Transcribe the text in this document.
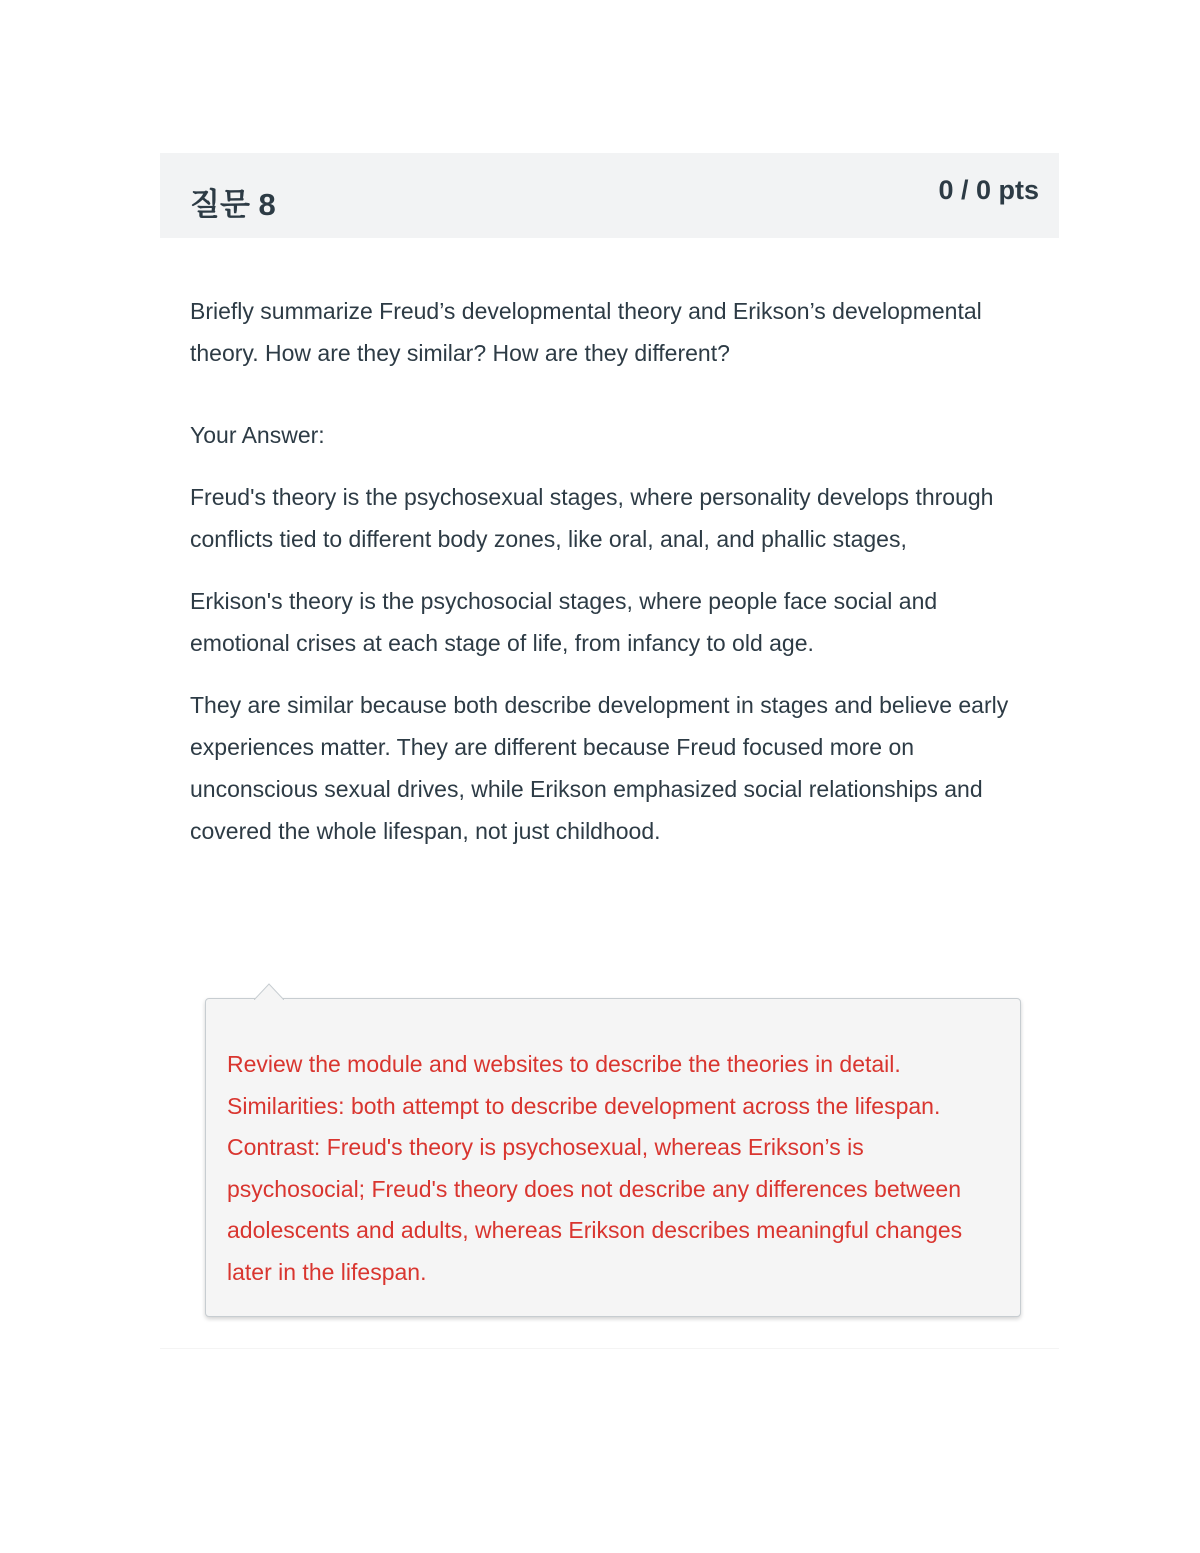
질문 8	0 / 0 pts

Briefly summarize Freud’s developmental theory and Erikson’s developmental theory. How are they similar? How are they different?

Your Answer:

Freud's theory is the psychosexual stages, where personality develops through conflicts tied to different body zones, like oral, anal, and phallic stages,

Erkison's theory is the psychosocial stages, where people face social and emotional crises at each stage of life, from infancy to old age.

They are similar because both describe development in stages and believe early experiences matter. They are different because Freud focused more on unconscious sexual drives, while Erikson emphasized social relationships and covered the whole lifespan, not just childhood.

Review the module and websites to describe the theories in detail. Similarities: both attempt to describe development across the lifespan. Contrast: Freud's theory is psychosexual, whereas Erikson’s is psychosocial; Freud's theory does not describe any differences between adolescents and adults, whereas Erikson describes meaningful changes later in the lifespan.
